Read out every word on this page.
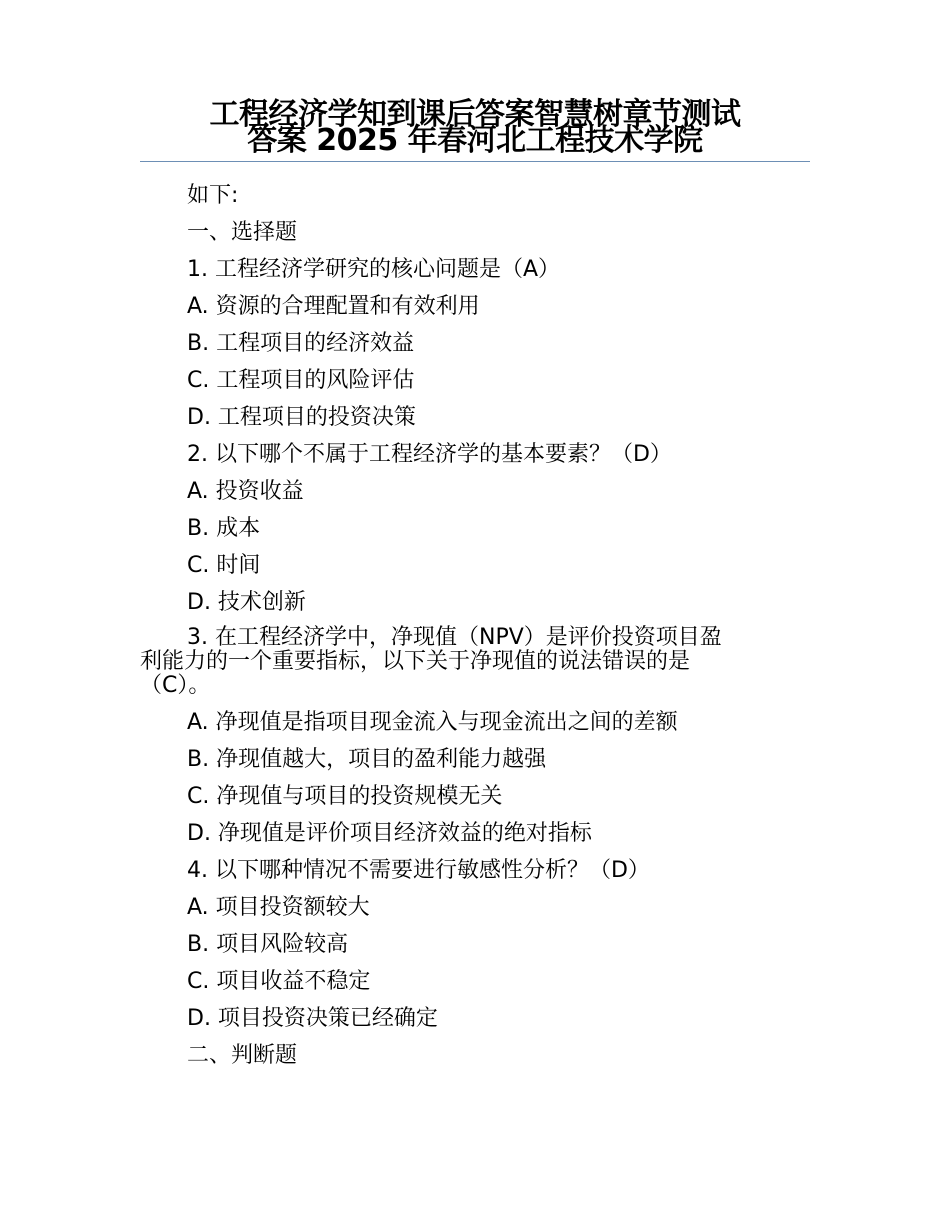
工程经济学知到课后答案智慧树章节测试
答案 2025 年春河北工程技术学院
如下:
一、选择题
1. 工程经济学研究的核心问题是（A）
A. 资源的合理配置和有效利用
B. 工程项目的经济效益
C. 工程项目的风险评估
D. 工程项目的投资决策
2. 以下哪个不属于工程经济学的基本要素？（D）
A. 投资收益
B. 成本
C. 时间
D. 技术创新
3. 在工程经济学中，净现值（NPV）是评价投资项目盈
利能力的一个重要指标，以下关于净现值的说法错误的是
（C）。
A. 净现值是指项目现金流入与现金流出之间的差额
B. 净现值越大，项目的盈利能力越强
C. 净现值与项目的投资规模无关
D. 净现值是评价项目经济效益的绝对指标
4. 以下哪种情况不需要进行敏感性分析？（D）
A. 项目投资额较大
B. 项目风险较高
C. 项目收益不稳定
D. 项目投资决策已经确定
二、判断题
